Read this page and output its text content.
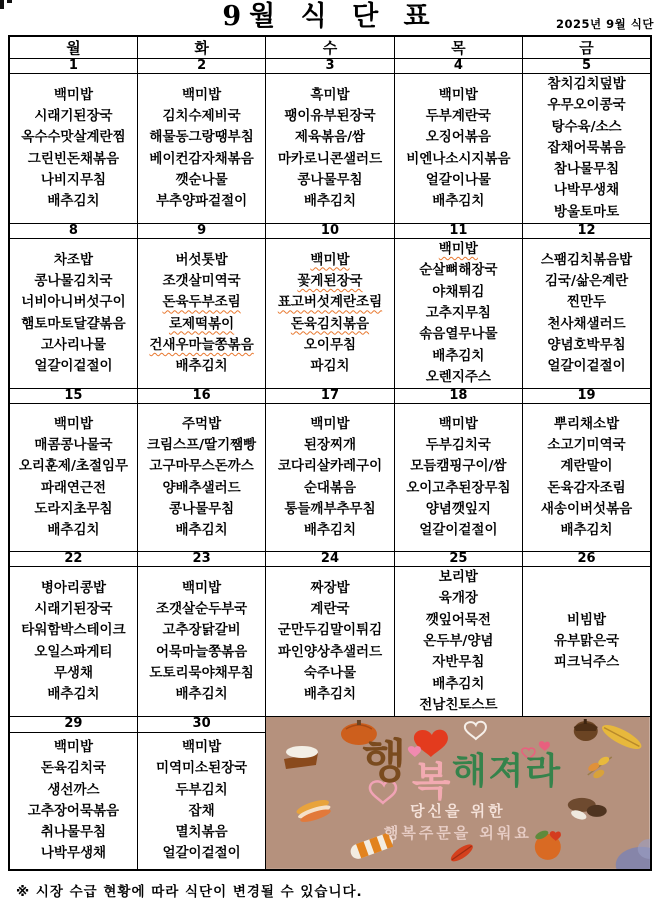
9월 식 단 표	2025년 9월 식단
월	화	수	목	금
1	2	3	4	5

백미밥
시래기된장국
옥수수맛살계란찜
그린빈돈채볶음
나비지무침
배추김치

백미밥
김치수제비국
해물동그랑땡부침
베이컨감자채볶음
깻순나물
부추양파겉절이

흑미밥
팽이유부된장국
제육볶음/쌈
마카로니콘샐러드
콩나물무침
배추김치

백미밥
두부계란국
오징어볶음
비엔나소시지볶음
얼갈이나물
배추김치

참치김치덮밥
우무오이콩국
탕수육/소스
잡채어묵볶음
참나물무침
나박무생채
방울토마토

8	9	10	11	12

차조밥
콩나물김치국
너비아니버섯구이
햄토마토달걀볶음
고사리나물
얼갈이겉절이

버섯톳밥
조갯살미역국
돈육두부조림
로제떡볶이
건새우마늘쫑볶음
배추김치

백미밥
꽃게된장국
표고버섯계란조림
돈육김치볶음
오이무침
파김치

백미밥
순살뼈해장국
야채튀김
고추지무침
솎음열무나물
배추김치
오렌지주스

스팸김치볶음밥
김국/삶은계란
찐만두
천사채샐러드
양념호박무침
얼갈이겉절이

15	16	17	18	19

백미밥
매콤콩나물국
오리훈제/초절임무
파래연근전
도라지초무침
배추김치

주먹밥
크림스프/딸기쨈빵
고구마무스돈까스
양배추샐러드
콩나물무침
배추김치

백미밥
된장찌개
코다리살카레구이
순대볶음
통들깨부추무침
배추김치

백미밥
두부김치국
모듬캠핑구이/쌈
오이고추된장무침
양념깻잎지
얼갈이겉절이

뿌리채소밥
소고기미역국
계란말이
돈육감자조림
새송이버섯볶음
배추김치

22	23	24	25	26

병아리콩밥
시래기된장국
타워함박스테이크
오일스파게티
무생채
배추김치

백미밥
조갯살순두부국
고추장닭갈비
어묵마늘쫑볶음
도토리묵야채무침
배추김치

짜장밥
계란국
군만두김말이튀김
파인양상추샐러드
숙주나물
배추김치

보리밥
육개장
깻잎어묵전
온두부/양념
자반무침
배추김치
전남친토스트

비빔밥
유부맑은국
피크닉주스

29	30	행 복 해져라
당신을 위한
행복주문을 외워요		

백미밥
돈육김치국
생선까스
고추장어묵볶음
취나물무침
나박무생채

백미밥
미역미소된장국
두부김치
잡채
멸치볶음
얼갈이겉절이
※ 시장 수급 현황에 따라 식단이 변경될 수 있습니다.
